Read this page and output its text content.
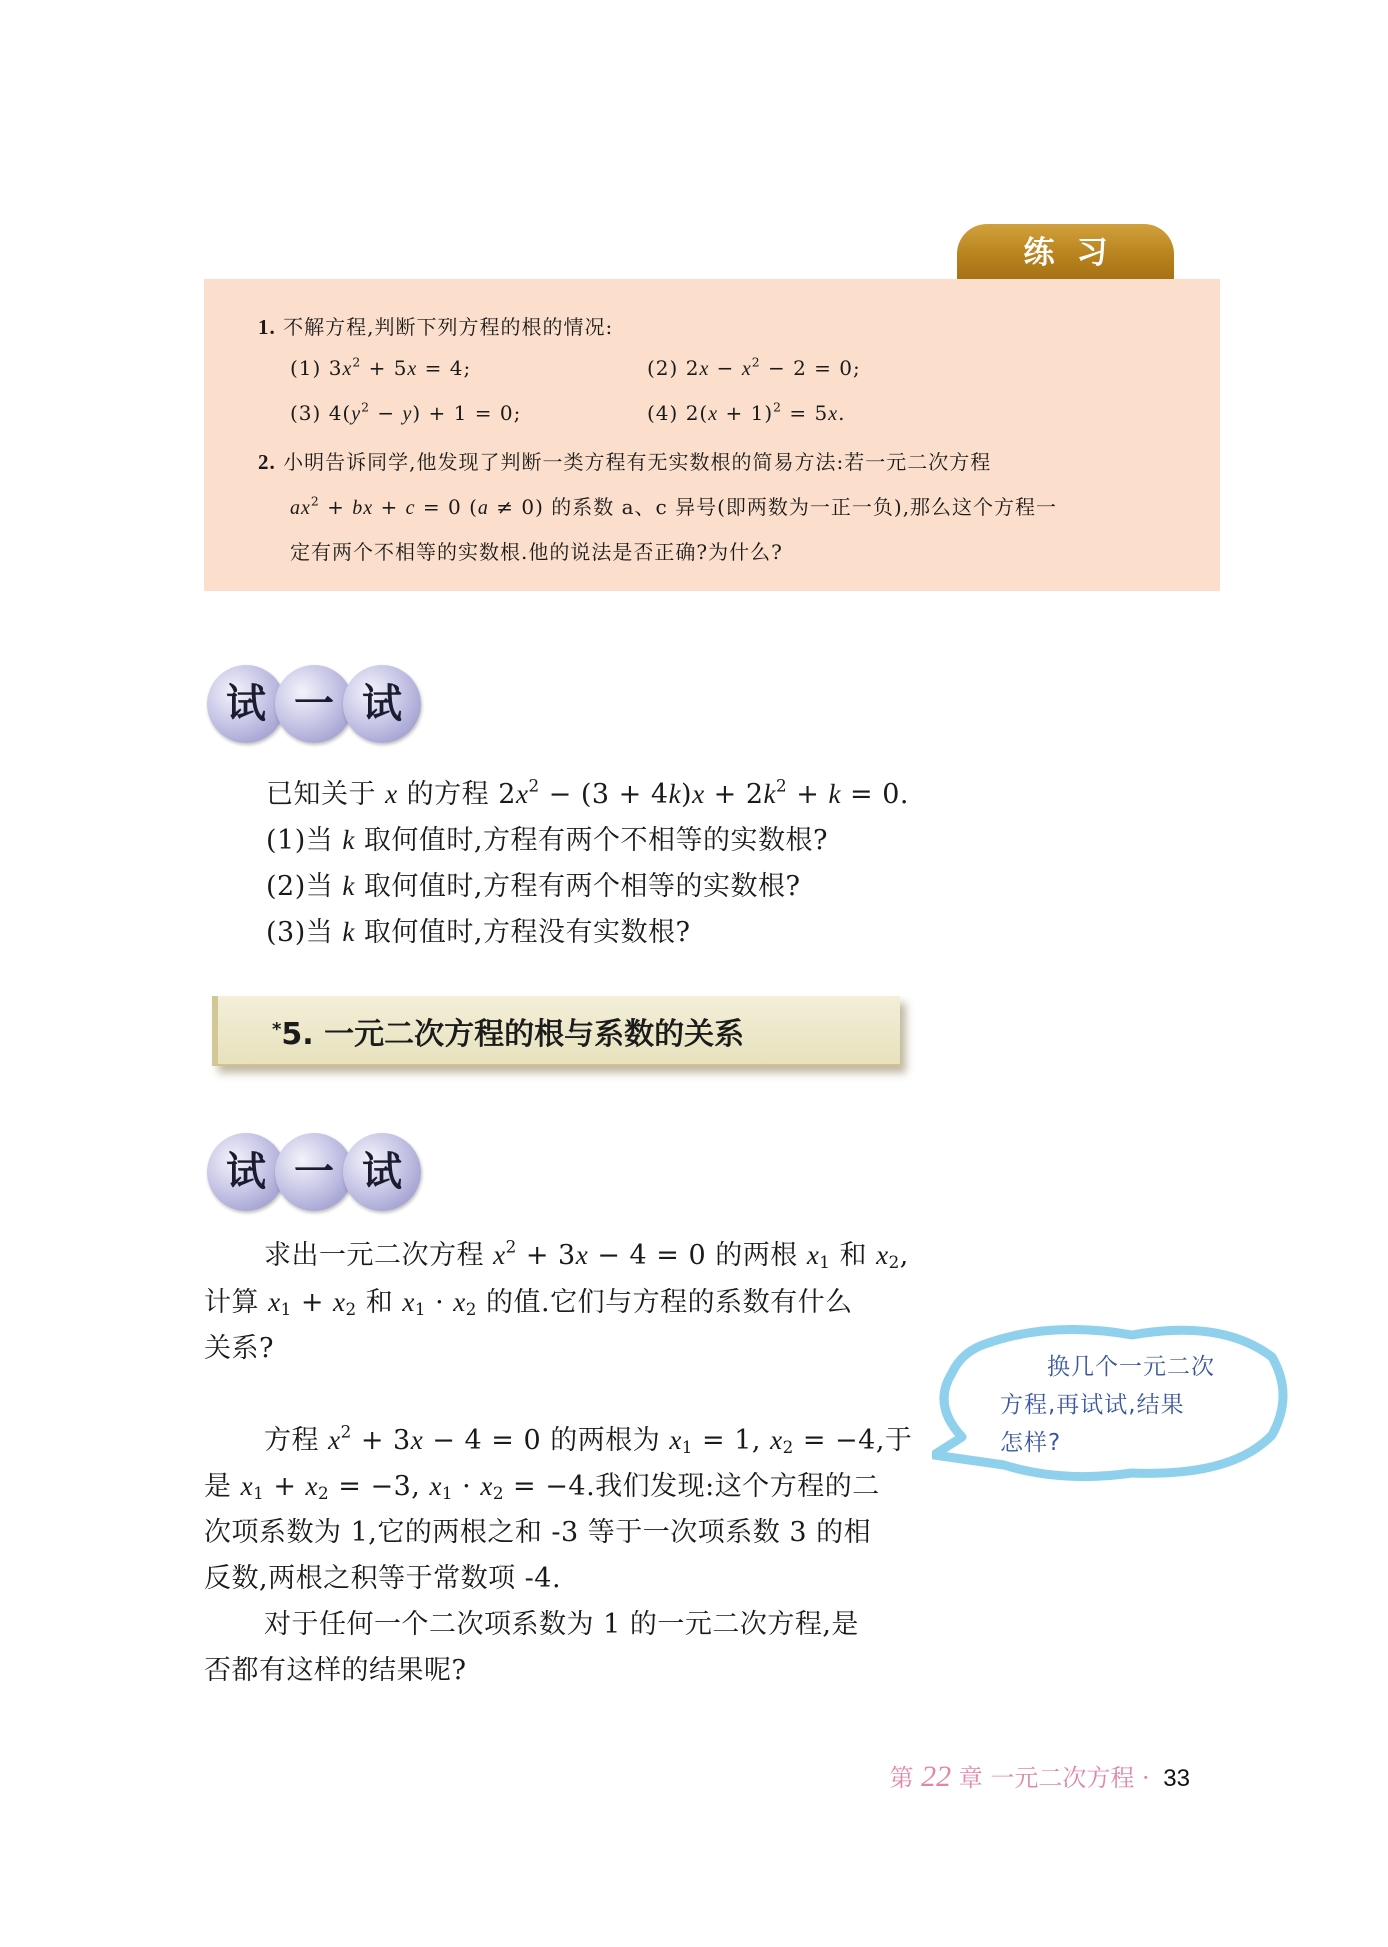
练习
1. 不解方程,判断下列方程的根的情况:
(1) $3x^2 + 5x = 4$;	(2) $2x - x^2 - 2 = 0$;
(3) $4(y^2 - y) + 1 = 0$;	(4) $2(x + 1)^2 = 5x$.
2. 小明告诉同学,他发现了判断一类方程有无实数根的简易方法:若一元二次方程
$ax^2$ + bx + c = 0 (a ≠ 0) 的系数 a、c 异号(即两数为一正一负),那么这个方程一
定有两个不相等的实数根.他的说法是否正确?为什么?
试 一 试
已知关于 x 的方程 $2x^2 - (3 + 4k)x + 2k^2 + k = 0$.
(1)当 k 取何值时,方程有两个不相等的实数根?
(2)当 k 取何值时,方程有两个相等的实数根?
(3)当 k 取何值时,方程没有实数根?
*5. 一元二次方程的根与系数的关系
试 一 试
求出一元二次方程 $x^2 + 3x - 4 = 0$ 的两根 $x_1$ 和 $x_2$,
计算 $x_1 + x_2$ 和 $x_1 \cdot x_2$ 的值.它们与方程的系数有什么
关系?
换几个一元二次
方程,再试试,结果
怎样?
方程 $x^2 + 3x - 4 = 0$ 的两根为 $x_1 = 1$, $x_2 = -4$,于
是 $x_1 + x_2 = -3$, $x_1 \cdot x_2 = -4$.我们发现:这个方程的二
次项系数为 1,它的两根之和 -3 等于一次项系数 3 的相
反数,两根之积等于常数项 -4.
对于任何一个二次项系数为 1 的一元二次方程,是
否都有这样的结果呢?
第 22 章 一元二次方程 · 33
